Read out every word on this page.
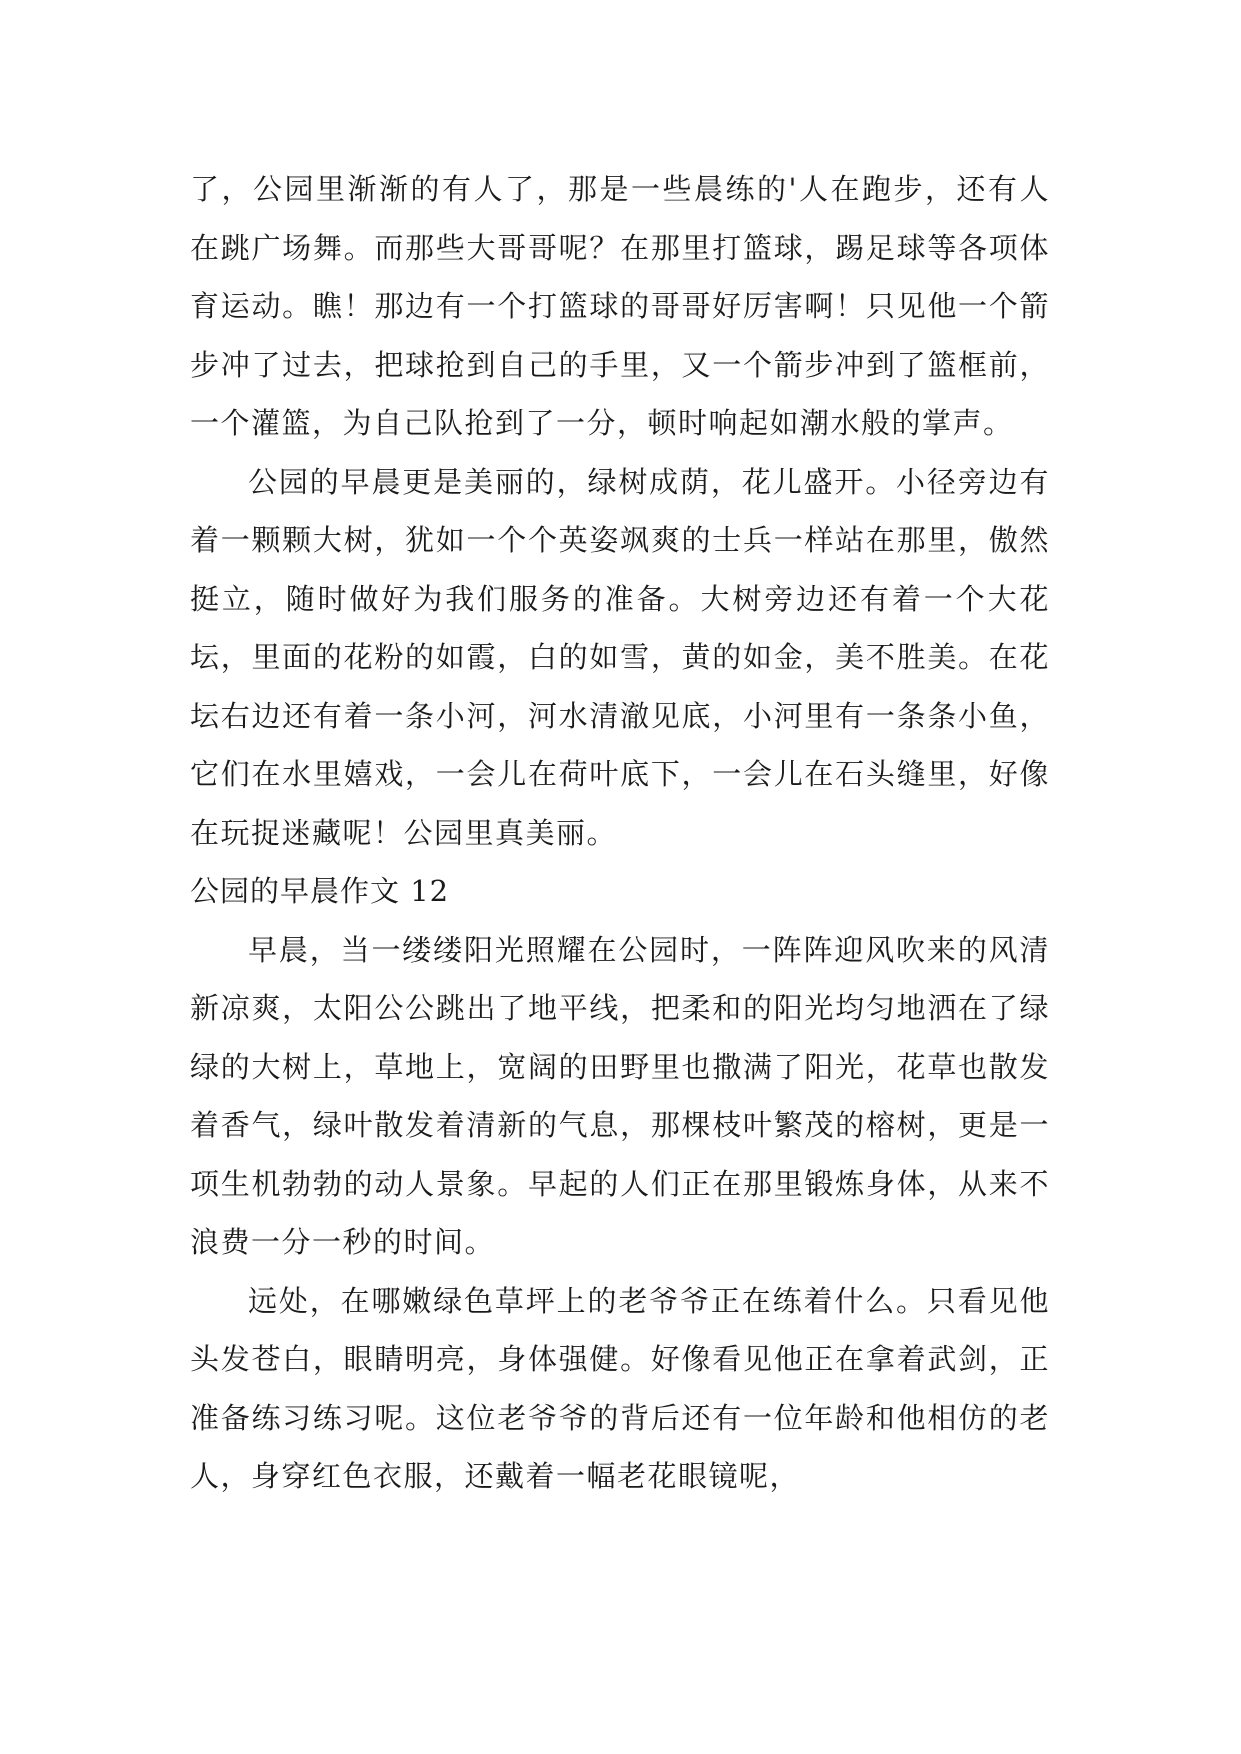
了，公园里渐渐的有人了，那是一些晨练的'人在跑步，还有人在跳广场舞。而那些大哥哥呢？在那里打篮球，踢足球等各项体育运动。瞧！那边有一个打篮球的哥哥好厉害啊！只见他一个箭步冲了过去，把球抢到自己的手里，又一个箭步冲到了篮框前，一个灌篮，为自己队抢到了一分，顿时响起如潮水般的掌声。

公园的早晨更是美丽的，绿树成荫，花儿盛开。小径旁边有着一颗颗大树，犹如一个个英姿飒爽的士兵一样站在那里，傲然挺立，随时做好为我们服务的准备。大树旁边还有着一个大花坛，里面的花粉的如霞，白的如雪，黄的如金，美不胜美。在花坛右边还有着一条小河，河水清澈见底，小河里有一条条小鱼，它们在水里嬉戏，一会儿在荷叶底下，一会儿在石头缝里，好像在玩捉迷藏呢！公园里真美丽。

公园的早晨作文 12

早晨，当一缕缕阳光照耀在公园时，一阵阵迎风吹来的风清新凉爽，太阳公公跳出了地平线，把柔和的阳光均匀地洒在了绿绿的大树上，草地上，宽阔的田野里也撒满了阳光，花草也散发着香气，绿叶散发着清新的气息，那棵枝叶繁茂的榕树，更是一项生机勃勃的动人景象。早起的人们正在那里锻炼身体，从来不浪费一分一秒的时间。

远处，在哪嫩绿色草坪上的老爷爷正在练着什么。只看见他头发苍白，眼睛明亮，身体强健。好像看见他正在拿着武剑，正准备练习练习呢。这位老爷爷的背后还有一位年龄和他相仿的老人，身穿红色衣服，还戴着一幅老花眼镜呢，
